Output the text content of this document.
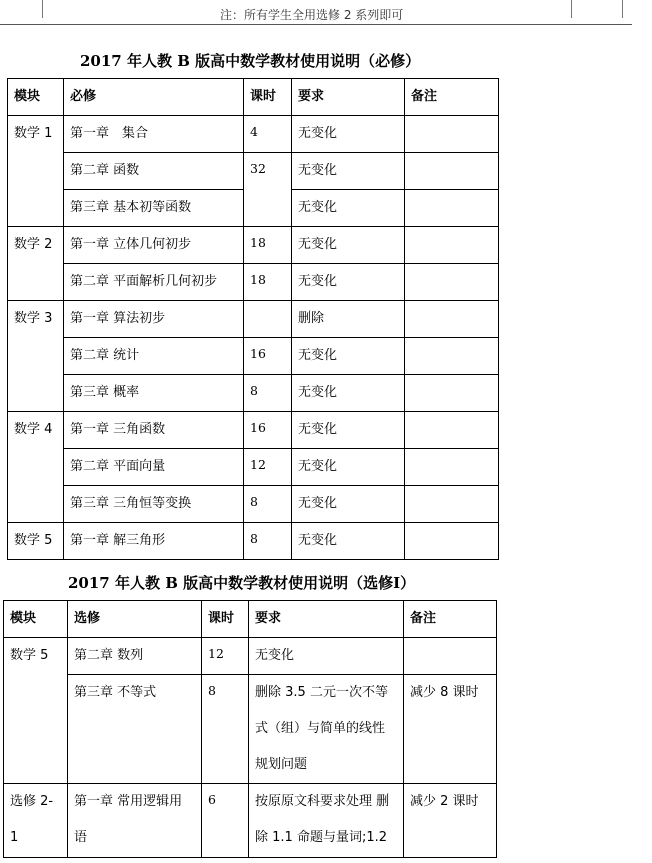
注：所有学生全用选修 2 系列即可
2017 年人教 B 版高中数学教材使用说明（必修）
模块	必修	课时	要求	备注
数学 1	第一章　集合	4	无变化	
	第二章 函数	32	无变化	
	第三章 基本初等函数		无变化	
数学 2	第一章 立体几何初步	18	无变化	
	第二章 平面解析几何初步	18	无变化	
数学 3	第一章 算法初步		删除	
	第二章 统计	16	无变化	
	第三章 概率	8	无变化	
数学 4	第一章 三角函数	16	无变化	
	第二章 平面向量	12	无变化	
	第三章 三角恒等变换	8	无变化	
数学 5	第一章 解三角形	8	无变化	
2017 年人教 B 版高中数学教材使用说明（选修Ⅰ）
模块	选修	课时	要求	备注
数学 5	第二章 数列	12	无变化	
	第三章 不等式	8	删除 3.5 二元一次不等式（组）与简单的线性规划问题	减少 8 课时
选修 2-1	第一章 常用逻辑用语	6	按原原文科要求处理 删除 1.1 命题与量词;1.2	减少 2 课时
